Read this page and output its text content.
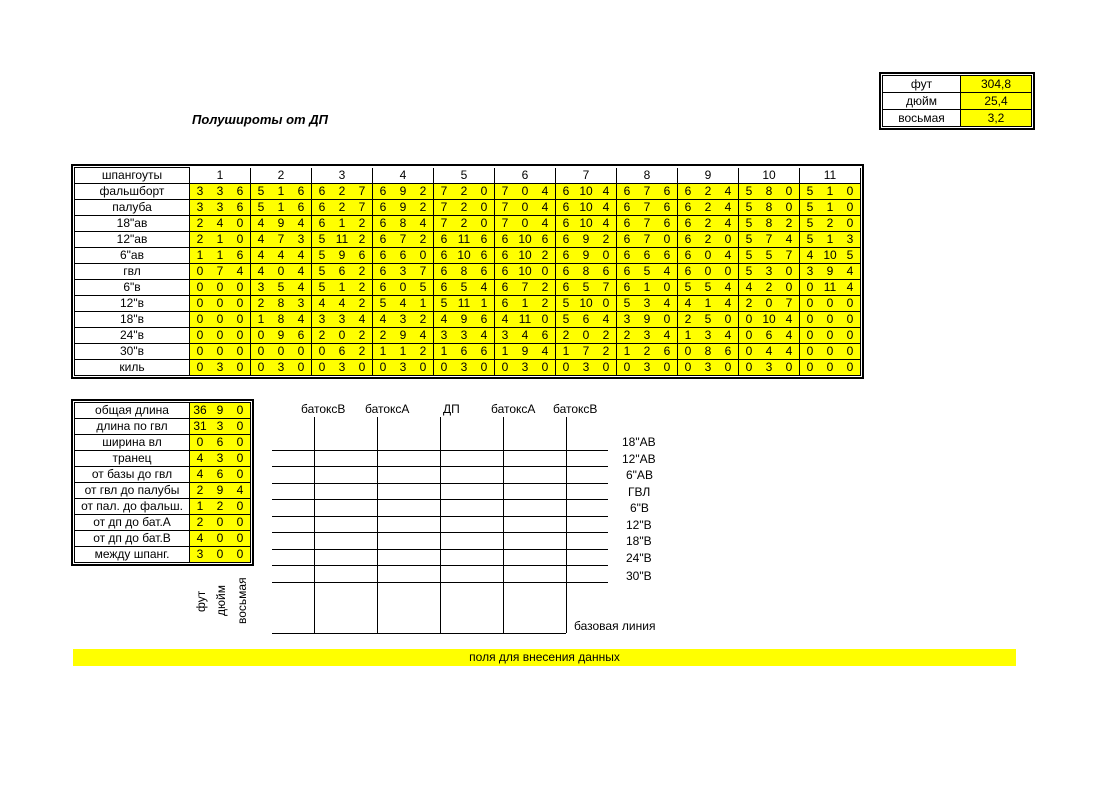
Полуширoты от ДП
фут	304,8
дюйм	25,4
восьмая	3,2
шпангоуты	1			2			3			4			5			6			7			8			9			10			11		
фальшборт	3	3	6	5	1	6	6	2	7	6	9	2	7	2	0	7	0	4	6	10	4	6	7	6	6	2	4	5	8	0	5	1	0
палуба	3	3	6	5	1	6	6	2	7	6	9	2	7	2	0	7	0	4	6	10	4	6	7	6	6	2	4	5	8	0	5	1	0
18"ав	2	4	0	4	9	4	6	1	2	6	8	4	7	2	0	7	0	4	6	10	4	6	7	6	6	2	4	5	8	2	5	2	0
12"ав	2	1	0	4	7	3	5	11	2	6	7	2	6	11	6	6	10	6	6	9	2	6	7	0	6	2	0	5	7	4	5	1	3
6"ав	1	1	6	4	4	4	5	9	6	6	6	0	6	10	6	6	10	2	6	9	0	6	6	6	6	0	4	5	5	7	4	10	5
гвл	0	7	4	4	0	4	5	6	2	6	3	7	6	8	6	6	10	0	6	8	6	6	5	4	6	0	0	5	3	0	3	9	4
6"в	0	0	0	3	5	4	5	1	2	6	0	5	6	5	4	6	7	2	6	5	7	6	1	0	5	5	4	4	2	0	0	11	4
12"в	0	0	0	2	8	3	4	4	2	5	4	1	5	11	1	6	1	2	5	10	0	5	3	4	4	1	4	2	0	7	0	0	0
18"в	0	0	0	1	8	4	3	3	4	4	3	2	4	9	6	4	11	0	5	6	4	3	9	0	2	5	0	0	10	4	0	0	0
24"в	0	0	0	0	9	6	2	0	2	2	9	4	3	3	4	3	4	6	2	0	2	2	3	4	1	3	4	0	6	4	0	0	0
30"в	0	0	0	0	0	0	0	6	2	1	1	2	1	6	6	1	9	4	1	7	2	1	2	6	0	8	6	0	4	4	0	0	0
киль	0	3	0	0	3	0	0	3	0	0	3	0	0	3	0	0	3	0	0	3	0	0	3	0	0	3	0	0	3	0	0	0	0
общая длина	36	9	0
длина по гвл	31	3	0
ширина вл	0	6	0
транец	4	3	0
от базы до гвл	4	6	0
от гвл до палубы	2	9	4
от пал. до фальш.	1	2	0
от дп до бат.А	2	0	0
от дп до бат.В	4	0	0
между шпанг.	3	0	0
фут дюйм восьмая
батоксВ батоксА	ДП	батоксА батоксВ
18"АВ
12"АВ
6"АВ
ГВЛ
6"В
12"В
18"В
24"В
30"В
базовая линия
поля для внесения данных
